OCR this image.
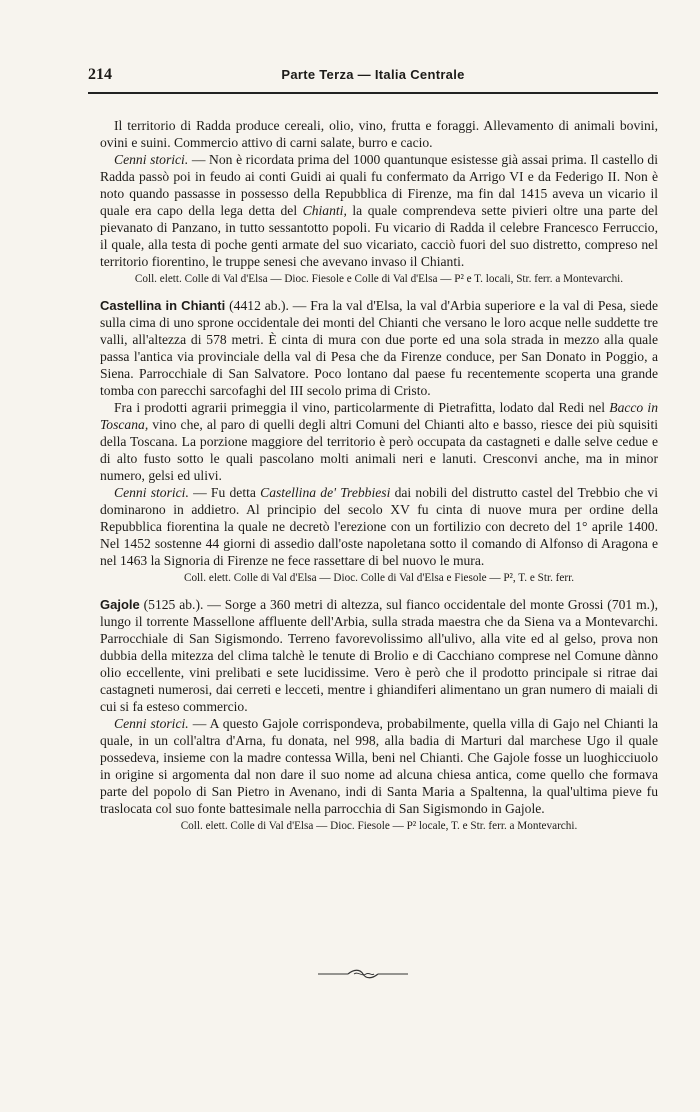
214	Parte Terza — Italia Centrale

Il territorio di Radda produce cereali, olio, vino, frutta e foraggi. Allevamento di animali bovini, ovini e suini. Commercio attivo di carni salate, burro e cacio.

Cenni storici. — Non è ricordata prima del 1000 quantunque esistesse già assai prima. Il castello di Radda passò poi in feudo ai conti Guidi ai quali fu confermato da Arrigo VI e da Federigo II. Non è noto quando passasse in possesso della Repubblica di Firenze, ma fin dal 1415 aveva un vicario il quale era capo della lega detta del Chianti, la quale comprendeva sette pivieri oltre una parte del pievanato di Panzano, in tutto sessantotto popoli. Fu vicario di Radda il celebre Francesco Ferruccio, il quale, alla testa di poche genti armate del suo vicariato, cacciò fuori del suo distretto, compreso nel territorio fiorentino, le truppe senesi che avevano invaso il Chianti.

Coll. elett. Colle di Val d'Elsa — Dioc. Fiesole e Colle di Val d'Elsa — P² e T. locali, Str. ferr. a Montevarchi.

Castellina in Chianti (4412 ab.). — Fra la val d'Elsa, la val d'Arbia superiore e la val di Pesa, siede sulla cima di uno sprone occidentale dei monti del Chianti che versano le loro acque nelle suddette tre valli, all'altezza di 578 metri. È cinta di mura con due porte ed una sola strada in mezzo alla quale passa l'antica via provinciale della val di Pesa che da Firenze conduce, per San Donato in Poggio, a Siena. Parrocchiale di San Salvatore. Poco lontano dal paese fu recentemente scoperta una grande tomba con parecchi sarcofaghi del III secolo prima di Cristo.

Fra i prodotti agrarii primeggia il vino, particolarmente di Pietrafitta, lodato dal Redi nel Bacco in Toscana, vino che, al paro di quelli degli altri Comuni del Chianti alto e basso, riesce dei più squisiti della Toscana. La porzione maggiore del territorio è però occupata da castagneti e dalle selve cedue e di alto fusto sotto le quali pascolano molti animali neri e lanuti. Cresconvi anche, ma in minor numero, gelsi ed ulivi.

Cenni storici. — Fu detta Castellina de' Trebbiesi dai nobili del distrutto castel del Trebbio che vi dominarono in addietro. Al principio del secolo XV fu cinta di nuove mura per ordine della Repubblica fiorentina la quale ne decretò l'erezione con un fortilizio con decreto del 1° aprile 1400. Nel 1452 sostenne 44 giorni di assedio dall'oste napoletana sotto il comando di Alfonso di Aragona e nel 1463 la Signoria di Firenze ne fece rassettare di bel nuovo le mura.

Coll. elett. Colle di Val d'Elsa — Dioc. Colle di Val d'Elsa e Fiesole — P², T. e Str. ferr.

Gajole (5125 ab.). — Sorge a 360 metri di altezza, sul fianco occidentale del monte Grossi (701 m.), lungo il torrente Massellone affluente dell'Arbia, sulla strada maestra che da Siena va a Montevarchi. Parrocchiale di San Sigismondo. Terreno favorevolissimo all'ulivo, alla vite ed al gelso, prova non dubbia della mitezza del clima talchè le tenute di Brolio e di Cacchiano comprese nel Comune dànno olio eccellente, vini prelibati e sete lucidissime. Vero è però che il prodotto principale si ritrae dai castagneti numerosi, dai cerreti e lecceti, mentre i ghiandiferi alimentano un gran numero di maiali di cui si fa esteso commercio.

Cenni storici. — A questo Gajole corrispondeva, probabilmente, quella villa di Gajo nel Chianti la quale, in un coll'altra d'Arna, fu donata, nel 998, alla badia di Marturi dal marchese Ugo il quale possedeva, insieme con la madre contessa Willa, beni nel Chianti. Che Gajole fosse un luoghicciuolo in origine si argomenta dal non dare il suo nome ad alcuna chiesa antica, come quello che formava parte del popolo di San Pietro in Avenano, indi di Santa Maria a Spaltenna, la qual'ultima pieve fu traslocata col suo fonte battesimale nella parrocchia di San Sigismondo in Gajole.

Coll. elett. Colle di Val d'Elsa — Dioc. Fiesole — P² locale, T. e Str. ferr. a Montevarchi.
